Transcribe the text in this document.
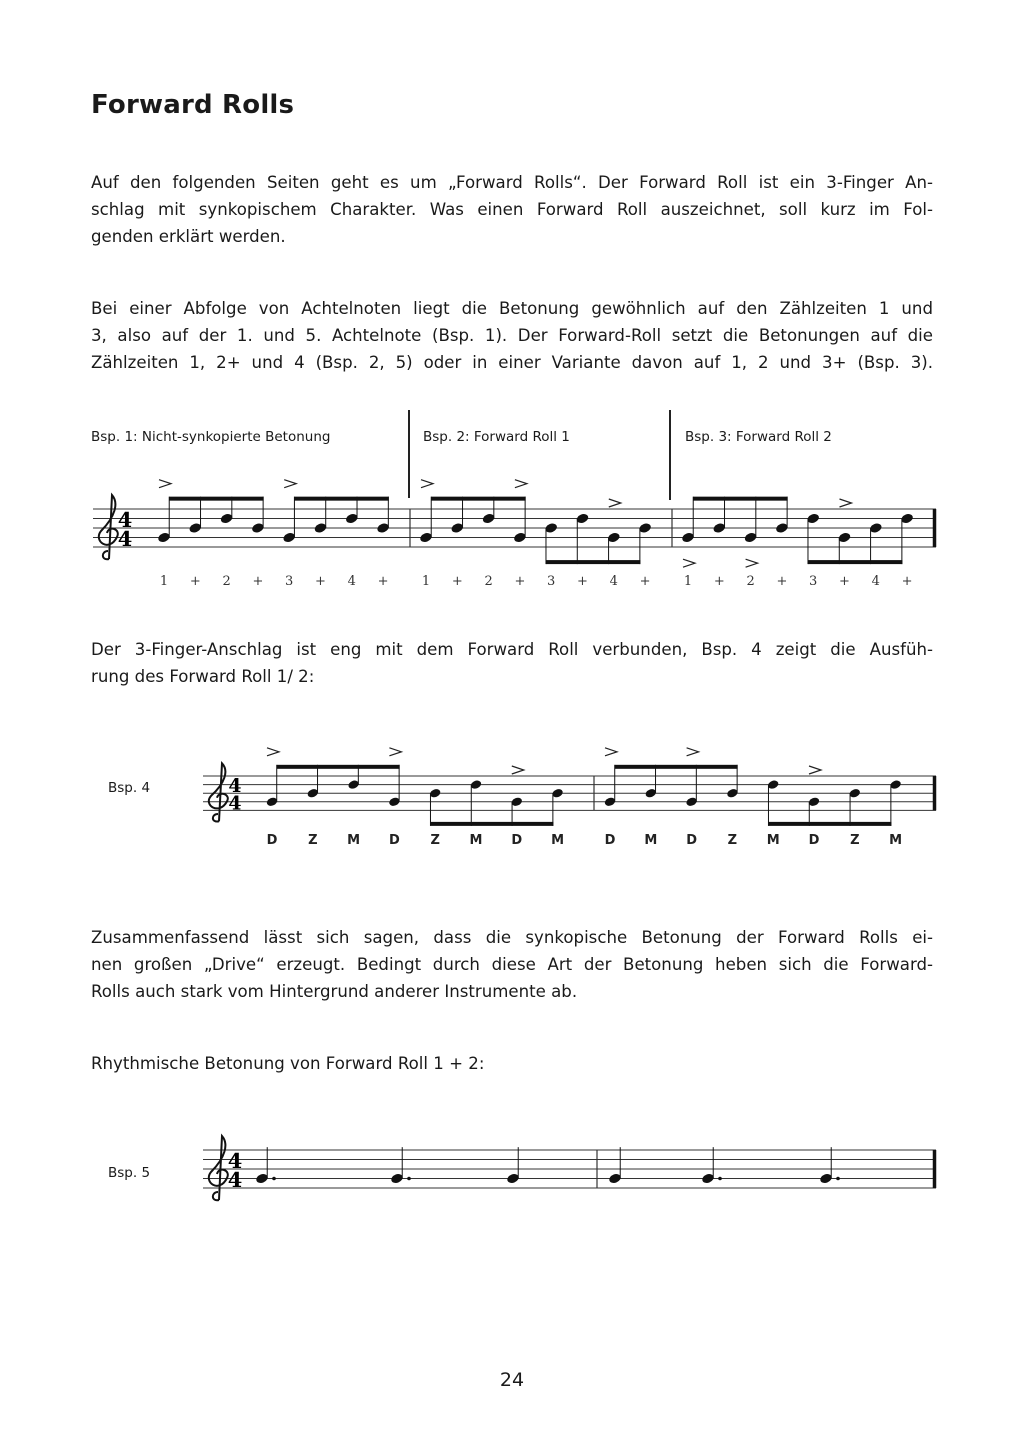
Forward Rolls
Auf den folgenden Seiten geht es um „Forward Rolls“. Der Forward Roll ist ein 3-Finger An-
schlag mit synkopischem Charakter. Was einen Forward Roll auszeichnet, soll kurz im Fol-
genden erklärt werden.
Bei einer Abfolge von Achtelnoten liegt die Betonung gewöhnlich auf den Zählzeiten 1 und
3, also auf der 1. und 5. Achtelnote (Bsp. 1). Der Forward-Roll setzt die Betonungen auf die
Zählzeiten 1, 2+ und 4 (Bsp. 2, 5) oder in einer Variante davon auf 1, 2 und 3+ (Bsp. 3).
Bsp. 1: Nicht-synkopierte Betonung	Bsp. 2: Forward Roll 1	Bsp. 3: Forward Roll 2
4
4
1 + 2 + 3 + 4 +	1 + 2 + 3 + 4 +	1 + 2 + 3 + 4 +
Der 3-Finger-Anschlag ist eng mit dem Forward Roll verbunden, Bsp. 4 zeigt die Ausfüh-
rung des Forward Roll 1/ 2:
Bsp. 4	4
4
D Z M D Z M D M	D M D Z M D Z M
Zusammenfassend lässt sich sagen, dass die synkopische Betonung der Forward Rolls ei-
nen großen „Drive“ erzeugt. Bedingt durch diese Art der Betonung heben sich die Forward-
Rolls auch stark vom Hintergrund anderer Instrumente ab.
Rhythmische Betonung von Forward Roll 1 + 2:
Bsp. 5	4
4
24
